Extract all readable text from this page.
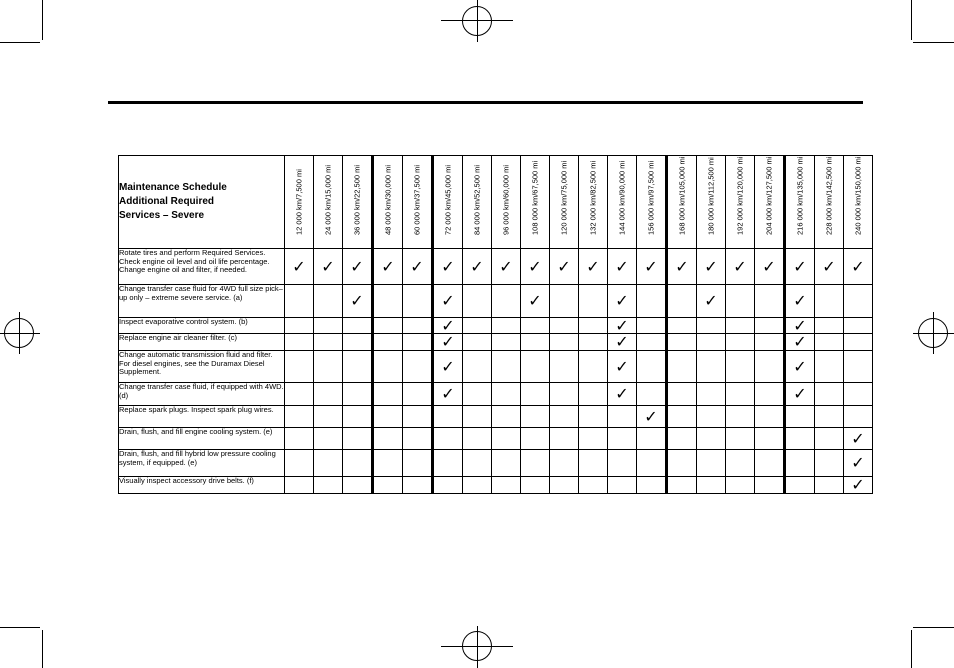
Maintenance Schedule
Additional Required
Services – Severe	12 000 km/7,500 mi	24 000 km/15,000 mi	36 000 km/22,500 mi	48 000 km/30,000 mi	60 000 km/37,500 mi	72 000 km/45,000 mi	84 000 km/52,500 mi	96 000 km/60,000 mi	108 000 km/67,500 mi	120 000 km/75,000 mi	132 000 km/82,500 mi	144 000 km/90,000 mi	156 000 km/97,500 mi	168 000 km/105,000 mi	180 000 km/112,500 mi	192 000 km/120,000 mi	204 000 km/127,500 mi	216 000 km/135,000 mi	228 000 km/142,500 mi	240 000 km/150,000 mi

Rotate tires and perform Required Services. Check engine oil level and oil life percentage. Change engine oil and filter, if needed.	✓	✓	✓	✓	✓	✓	✓	✓	✓	✓	✓	✓	✓	✓	✓	✓	✓	✓	✓	✓
Change transfer case fluid for 4WD full size pick–up only – extreme severe service. (a)			✓			✓			✓			✓			✓			✓		
Inspect evaporative control system. (b)						✓						✓						✓		
Replace engine air cleaner filter. (c)						✓						✓						✓		
Change automatic transmission fluid and filter. For diesel engines, see the Duramax Diesel Supplement.						✓						✓						✓		
Change transfer case fluid, if equipped with 4WD. (d)						✓						✓						✓		
Replace spark plugs. Inspect spark plug wires.													✓							
Drain, flush, and fill engine cooling system. (e)																				✓
Drain, flush, and fill hybrid low pressure cooling system, if equipped. (e)																				✓
Visually inspect accessory drive belts. (f)																				✓
